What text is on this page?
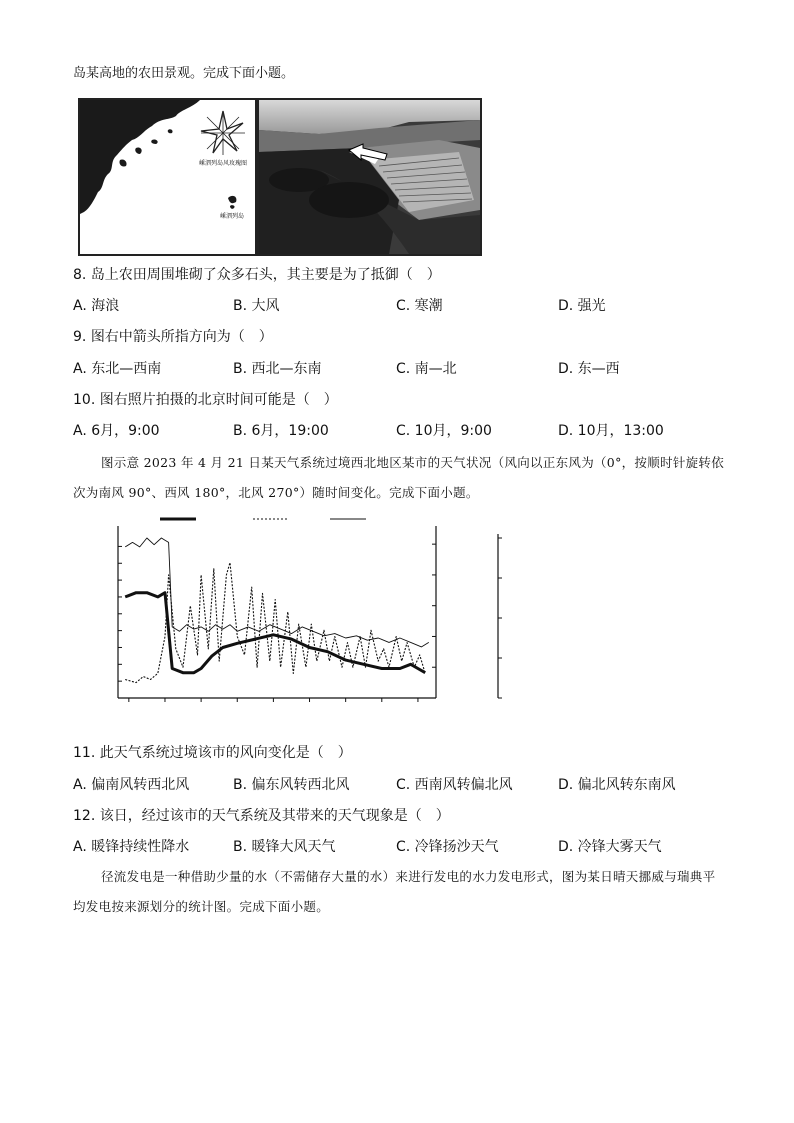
岛某高地的农田景观。完成下面小题。
嵊泗列岛风玫瑰图
嵊泗列岛
8. 岛上农田周围堆砌了众多石头，其主要是为了抵御（　）
A. 海浪	B. 大风	C. 寒潮	D. 强光
9. 图右中箭头所指方向为（　）
A. 东北—西南	B. 西北—东南	C. 南—北	D. 东—西
10. 图右照片拍摄的北京时间可能是（　）
A. 6月，9:00	B. 6月，19:00	C. 10月，9:00	D. 10月，13:00
图示意 2023 年 4 月 21 日某天气系统过境西北地区某市的天气状况（风向以正东风为（0°，按顺时针旋转依次为南风 90°、西风 180°，北风 270°）随时间变化。完成下面小题。
11. 此天气系统过境该市的风向变化是（　）
A. 偏南风转西北风	B. 偏东风转西北风	C. 西南风转偏北风	D. 偏北风转东南风
12. 该日，经过该市的天气系统及其带来的天气现象是（　）
A. 暖锋持续性降水	B. 暖锋大风天气	C. 冷锋扬沙天气	D. 冷锋大雾天气
径流发电是一种借助少量的水（不需储存大量的水）来进行发电的水力发电形式，图为某日晴天挪威与瑞典平均发电按来源划分的统计图。完成下面小题。
